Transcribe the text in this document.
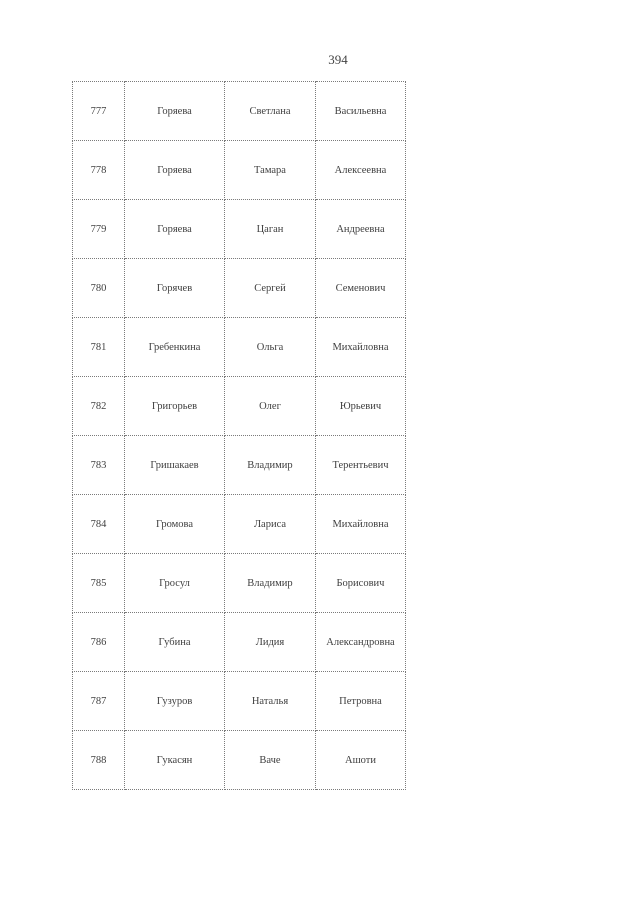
394
777	Горяева	Светлана	Васильевна
778	Горяева	Тамара	Алексеевна
779	Горяева	Цаган	Андреевна
780	Горячев	Сергей	Семенович
781	Гребенкина	Ольга	Михайловна
782	Григорьев	Олег	Юрьевич
783	Гришакаев	Владимир	Терентьевич
784	Громова	Лариса	Михайловна
785	Гросул	Владимир	Борисович
786	Губина	Лидия	Александровна
787	Гузуров	Наталья	Петровна
788	Гукасян	Ваче	Ашоти
